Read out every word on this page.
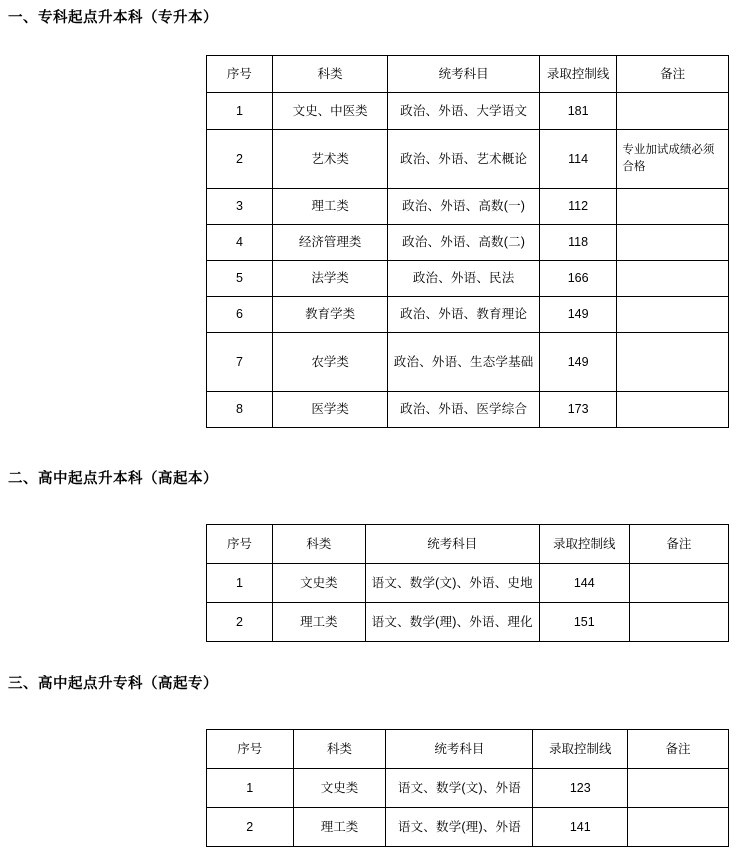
一、专科起点升本科（专升本）
序号	科类	统考科目	录取控制线	备注
1	文史、中医类	政治、外语、大学语文	181	
2	艺术类	政治、外语、艺术概论	114	专业加试成绩必须合格
3	理工类	政治、外语、高数(一)	112	
4	经济管理类	政治、外语、高数(二)	118	
5	法学类	政治、外语、民法	166	
6	教育学类	政治、外语、教育理论	149	
7	农学类	政治、外语、生态学基础	149	
8	医学类	政治、外语、医学综合	173	
二、高中起点升本科（高起本）
序号	科类	统考科目	录取控制线	备注
1	文史类	语文、数学(文)、外语、史地	144	
2	理工类	语文、数学(理)、外语、理化	151	
三、高中起点升专科（高起专）
序号	科类	统考科目	录取控制线	备注
1	文史类	语文、数学(文)、外语	123	
2	理工类	语文、数学(理)、外语	141	
